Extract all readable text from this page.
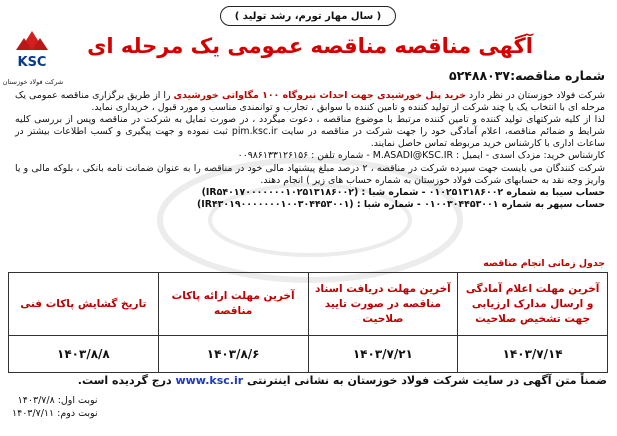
( سال مهار تورم، رشد تولید )
KSC
شرکت فولاد خوزستان
آگهی مناقصه مناقصه عمومی یک مرحله ای
شماره مناقصه:۵۲۴۸۸۰۳۷

شرکت فولاد خوزستان در نظر دارد خرید پنل خورشیدی جهت احداث نیروگاه ۱۰۰ مگاواتی خورشیدی را از طریق برگزاری مناقصه عمومی یک مرحله ای با انتخاب یک یا چند شرکت از تولید کننده و تامین کننده با سوابق ، تجارب و توانمندی مناسب و مورد قبول ، خریداری نماید.

لذا از کلیه شرکتهای تولید کننده و تامین کننده مرتبط با موضوع مناقصه ، دعوت میگردد ، در صورت تمایل به شرکت در مناقصه وپس از بررسی کلیه شرایط و ضمائم مناقصه، اعلام آمادگی خود را جهت شرکت در مناقصه در سایت pim.ksc.ir ثبت نموده و جهت پیگیری و کسب اطلاعات بیشتر در ساعات اداری با کارشناس خرید مربوطه تماس حاصل نمایند.

کارشناس خرید: مزدک اسدی - ایمیل : M.ASADI@KSC.IR - شماره تلفن : ۰۰۹۸۶۱۳۳۱۲۶۱۵۶

شرکت کنندگان می بایست جهت سپرده شرکت در مناقصه ، ۲ درصد مبلغ پیشنهاد مالی خود در مناقصه را به عنوان ضمانت نامه بانکی ، بلوکه مالی و یا واریز وجه نقد به حسابهای شرکت فولاد خوزستان به شماره حساب های زیر ) انجام دهند.

حساب سیبا به شماره ۰۱۰۲۵۱۳۱۸۶۰۰۲ - شماره شبا : (IR۵۴۰۱۷۰۰۰۰۰۰۰۱۰۲۵۱۳۱۸۶۰۰۲)

حساب سپهر به شماره ۰۱۰۰۳۰۴۴۵۳۰۰۱ - شماره شبا : (IR۴۳۰۱۹۰۰۰۰۰۰۰۱۰۰۳۰۴۴۵۳۰۰۱)

جدول زمانی انجام مناقصه
آخرین مهلت اعلام آمادگی و ارسال مدارک ارزیابی جهت تشخیص صلاحیت	آخرین مهلت دریافت اسناد مناقصه در صورت تایید صلاحیت	آخرین مهلت ارائه پاکات مناقصه	تاریخ گشایش پاکات فنی
۱۴۰۳/۷/۱۴	۱۴۰۳/۷/۲۱	۱۴۰۳/۸/۶	۱۴۰۳/۸/۸
ضمناً متن آگهی در سایت شرکت فولاد خوزستان به نشانی اینترنتی www.ksc.ir درج گردیده است.
نوبت اول: ۱۴۰۳/۷/۸
نوبت دوم: ۱۴۰۳/۷/۱۱
